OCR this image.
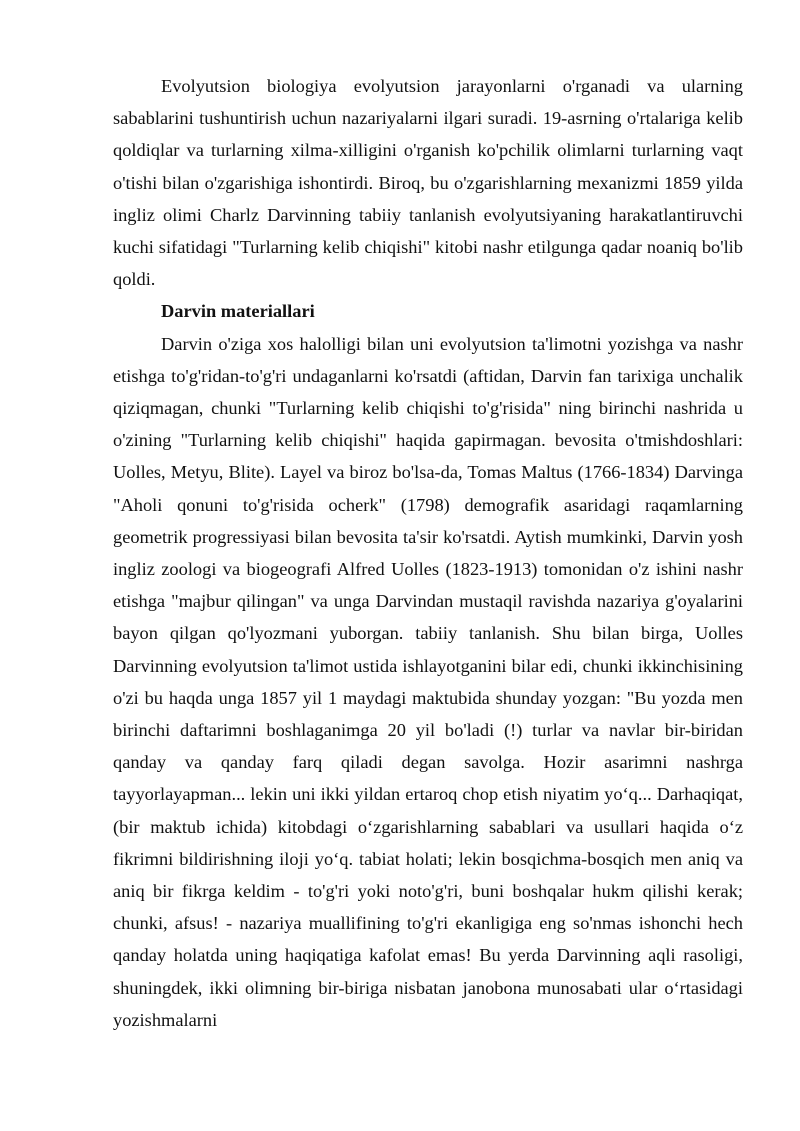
Evolyutsion biologiya evolyutsion jarayonlarni o'rganadi va ularning sabablarini tushuntirish uchun nazariyalarni ilgari suradi. 19-asrning o'rtalariga kelib qoldiqlar va turlarning xilma-xilligini o'rganish ko'pchilik olimlarni turlarning vaqt o'tishi bilan o'zgarishiga ishontirdi. Biroq, bu o'zgarishlarning mexanizmi 1859 yilda ingliz olimi Charlz Darvinning tabiiy tanlanish evolyutsiyaning harakatlantiruvchi kuchi sifatidagi "Turlarning kelib chiqishi" kitobi nashr etilgunga qadar noaniq bo'lib qoldi.

Darvin materiallari

Darvin o'ziga xos halolligi bilan uni evolyutsion ta'limotni yozishga va nashr etishga to'g'ridan-to'g'ri undaganlarni ko'rsatdi (aftidan, Darvin fan tarixiga unchalik qiziqmagan, chunki "Turlarning kelib chiqishi to'g'risida" ning birinchi nashrida u o'zining "Turlarning kelib chiqishi" haqida gapirmagan. bevosita o'tmishdoshlari: Uolles, Metyu, Blite). Layel va biroz bo'lsa-da, Tomas Maltus (1766-1834) Darvinga "Aholi qonuni to'g'risida ocherk" (1798) demografik asaridagi raqamlarning geometrik progressiyasi bilan bevosita ta'sir ko'rsatdi. Aytish mumkinki, Darvin yosh ingliz zoologi va biogeografi Alfred Uolles (1823-1913) tomonidan o'z ishini nashr etishga "majbur qilingan" va unga Darvindan mustaqil ravishda nazariya g'oyalarini bayon qilgan qo'lyozmani yuborgan. tabiiy tanlanish. Shu bilan birga, Uolles Darvinning evolyutsion ta'limot ustida ishlayotganini bilar edi, chunki ikkinchisining o'zi bu haqda unga 1857 yil 1 maydagi maktubida shunday yozgan: "Bu yozda men birinchi daftarimni boshlaganimga 20 yil bo'ladi (!) turlar va navlar bir-biridan qanday va qanday farq qiladi degan savolga. Hozir asarimni nashrga tayyorlayapman... lekin uni ikki yildan ertaroq chop etish niyatim yo‘q... Darhaqiqat, (bir maktub ichida) kitobdagi o‘zgarishlarning sabablari va usullari haqida o‘z fikrimni bildirishning iloji yo‘q. tabiat holati; lekin bosqichma-bosqich men aniq va aniq bir fikrga keldim - to'g'ri yoki noto'g'ri, buni boshqalar hukm qilishi kerak; chunki, afsus! - nazariya muallifining to'g'ri ekanligiga eng so'nmas ishonchi hech qanday holatda uning haqiqatiga kafolat emas! Bu yerda Darvinning aqli rasoligi, shuningdek, ikki olimning bir-biriga nisbatan janobona munosabati ular o‘rtasidagi yozishmalarni
